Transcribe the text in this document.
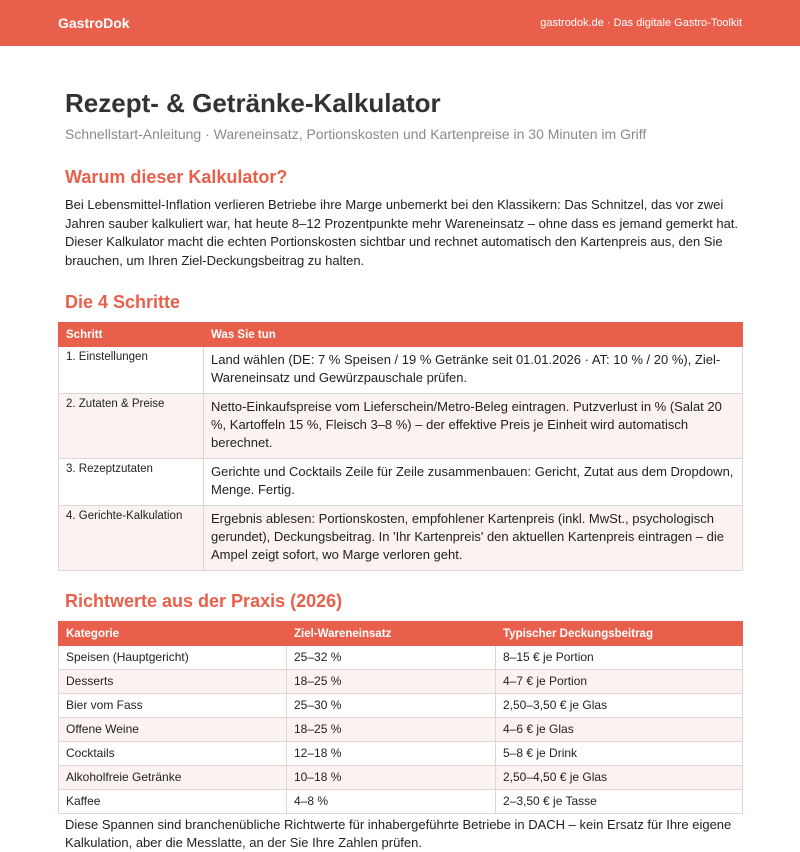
GastroDok	gastrodok.de · Das digitale Gastro-Toolkit
Rezept- & Getränke-Kalkulator
Schnellstart-Anleitung · Wareneinsatz, Portionskosten und Kartenpreise in 30 Minuten im Griff
Warum dieser Kalkulator?

Bei Lebensmittel-Inflation verlieren Betriebe ihre Marge unbemerkt bei den Klassikern: Das Schnitzel, das vor zwei Jahren sauber kalkuliert war, hat heute 8–12 Prozentpunkte mehr Wareneinsatz – ohne dass es jemand gemerkt hat. Dieser Kalkulator macht die echten Portionskosten sichtbar und rechnet automatisch den Kartenpreis aus, den Sie brauchen, um Ihren Ziel-Deckungsbeitrag zu halten.

Die 4 Schritte
Schritt	Was Sie tun
1. Einstellungen	Land wählen (DE: 7 % Speisen / 19 % Getränke seit 01.01.2026 · AT: 10 % / 20 %), Ziel-Wareneinsatz und Gewürzpauschale prüfen.
2. Zutaten & Preise	Netto-Einkaufspreise vom Lieferschein/Metro-Beleg eintragen. Putzverlust in % (Salat 20 %, Kartoffeln 15 %, Fleisch 3–8 %) – der effektive Preis je Einheit wird automatisch berechnet.
3. Rezeptzutaten	Gerichte und Cocktails Zeile für Zeile zusammenbauen: Gericht, Zutat aus dem Dropdown, Menge. Fertig.
4. Gerichte-Kalkulation	Ergebnis ablesen: Portionskosten, empfohlener Kartenpreis (inkl. MwSt., psychologisch gerundet), Deckungsbeitrag. In 'Ihr Kartenpreis' den aktuellen Kartenpreis eintragen – die Ampel zeigt sofort, wo Marge verloren geht.
Richtwerte aus der Praxis (2026)
Kategorie	Ziel-Wareneinsatz	Typischer Deckungsbeitrag
Speisen (Hauptgericht)	25–32 %	8–15 € je Portion
Desserts	18–25 %	4–7 € je Portion
Bier vom Fass	25–30 %	2,50–3,50 € je Glas
Offene Weine	18–25 %	4–6 € je Glas
Cocktails	12–18 %	5–8 € je Drink
Alkoholfreie Getränke	10–18 %	2,50–4,50 € je Glas
Kaffee	4–8 %	2–3,50 € je Tasse

Diese Spannen sind branchenübliche Richtwerte für inhabergeführte Betriebe in DACH – kein Ersatz für Ihre eigene Kalkulation, aber die Messlatte, an der Sie Ihre Zahlen prüfen.
